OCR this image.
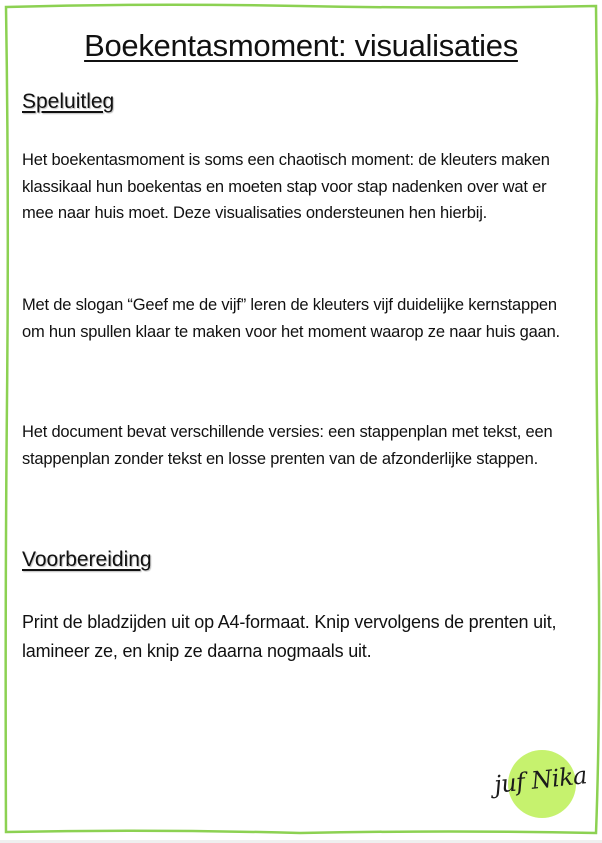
Boekentasmoment: visualisaties
Speluitleg
Het boekentasmoment is soms een chaotisch moment: de kleuters maken klassikaal hun boekentas en moeten stap voor stap nadenken over wat er mee naar huis moet. Deze visualisaties ondersteunen hen hierbij.
Met de slogan “Geef me de vijf” leren de kleuters vijf duidelijke kernstappen om hun spullen klaar te maken voor het moment waarop ze naar huis gaan.
Het document bevat verschillende versies: een stappenplan met tekst, een stappenplan zonder tekst en losse prenten van de afzonderlijke stappen.
Voorbereiding
Print de bladzijden uit op A4-formaat. Knip vervolgens de prenten uit, lamineer ze, en knip ze daarna nogmaals uit.
juf Nika
